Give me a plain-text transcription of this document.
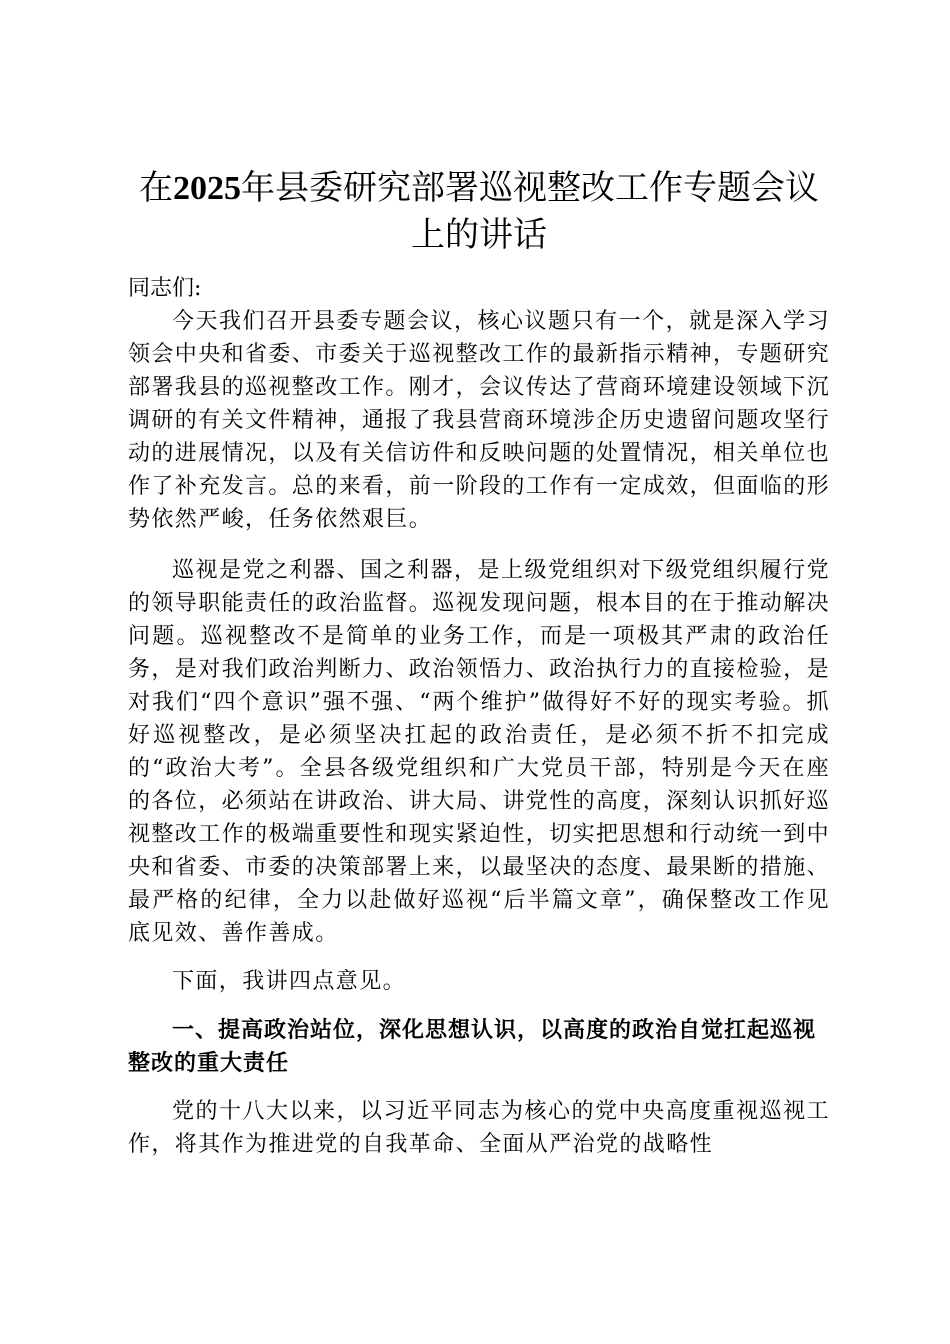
在2025年县委研究部署巡视整改工作专题会议上的讲话

同志们:

今天我们召开县委专题会议，核心议题只有一个，就是深入学习领会中央和省委、市委关于巡视整改工作的最新指示精神，专题研究部署我县的巡视整改工作。刚才，会议传达了营商环境建设领域下沉调研的有关文件精神，通报了我县营商环境涉企历史遗留问题攻坚行动的进展情况，以及有关信访件和反映问题的处置情况，相关单位也作了补充发言。总的来看，前一阶段的工作有一定成效，但面临的形势依然严峻，任务依然艰巨。

巡视是党之利器、国之利器，是上级党组织对下级党组织履行党的领导职能责任的政治监督。巡视发现问题，根本目的在于推动解决问题。巡视整改不是简单的业务工作，而是一项极其严肃的政治任务，是对我们政治判断力、政治领悟力、政治执行力的直接检验，是对我们“四个意识”强不强、“两个维护”做得好不好的现实考验。抓好巡视整改，是必须坚决扛起的政治责任，是必须不折不扣完成的“政治大考”。全县各级党组织和广大党员干部，特别是今天在座的各位，必须站在讲政治、讲大局、讲党性的高度，深刻认识抓好巡视整改工作的极端重要性和现实紧迫性，切实把思想和行动统一到中央和省委、市委的决策部署上来，以最坚决的态度、最果断的措施、最严格的纪律，全力以赴做好巡视“后半篇文章”，确保整改工作见底见效、善作善成。

下面，我讲四点意见。

一、提高政治站位，深化思想认识，以高度的政治自觉扛起巡视整改的重大责任

党的十八大以来，以习近平同志为核心的党中央高度重视巡视工作，将其作为推进党的自我革命、全面从严治党的战略性
